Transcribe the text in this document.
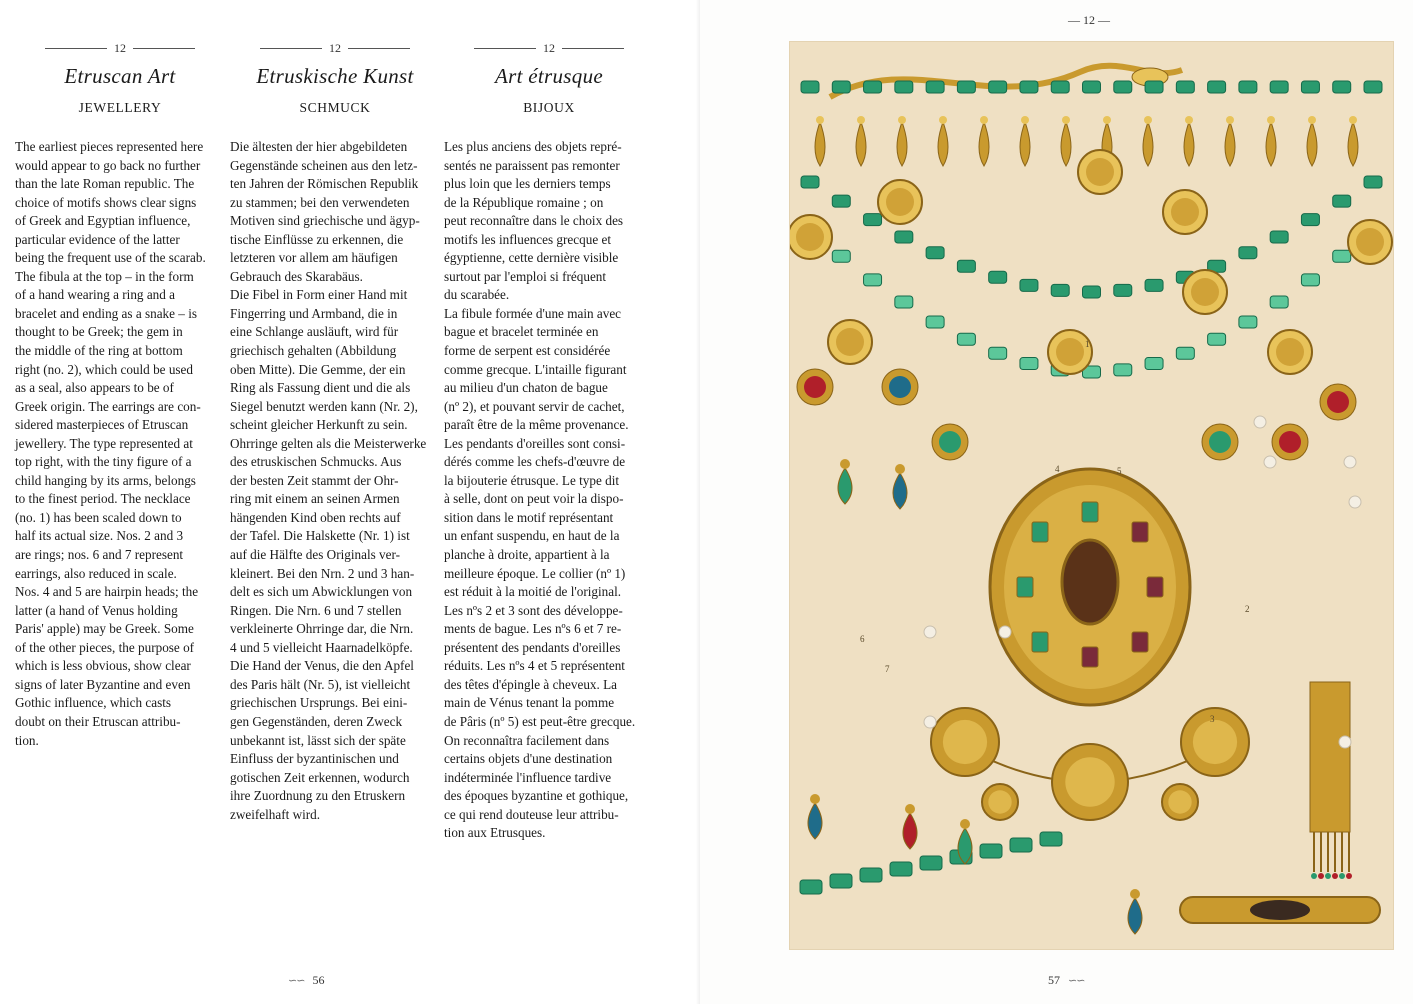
12
Etruscan Art
JEWELLERY
The earliest pieces represented here
would appear to go back no further
than the late Roman republic. The
choice of motifs shows clear signs
of Greek and Egyptian influence,
particular evidence of the latter
being the frequent use of the scarab.
The fibula at the top – in the form
of a hand wearing a ring and a
bracelet and ending as a snake – is
thought to be Greek; the gem in
the middle of the ring at bottom
right (no. 2), which could be used
as a seal, also appears to be of
Greek origin. The earrings are con-
sidered masterpieces of Etruscan
jewellery. The type represented at
top right, with the tiny figure of a
child hanging by its arms, belongs
to the finest period. The necklace
(no. 1) has been scaled down to
half its actual size. Nos. 2 and 3
are rings; nos. 6 and 7 represent
earrings, also reduced in scale.
Nos. 4 and 5 are hairpin heads; the
latter (a hand of Venus holding
Paris' apple) may be Greek. Some
of the other pieces, the purpose of
which is less obvious, show clear
signs of later Byzantine and even
Gothic influence, which casts
doubt on their Etruscan attribu-
tion.
12
Etruskische Kunst
SCHMUCK
Die ältesten der hier abgebildeten
Gegenstände scheinen aus den letz-
ten Jahren der Römischen Republik
zu stammen; bei den verwendeten
Motiven sind griechische und ägyp-
tische Einflüsse zu erkennen, die
letzteren vor allem am häufigen
Gebrauch des Skarabäus.
Die Fibel in Form einer Hand mit
Fingerring und Armband, die in
eine Schlange ausläuft, wird für
griechisch gehalten (Abbildung
oben Mitte). Die Gemme, der ein
Ring als Fassung dient und die als
Siegel benutzt werden kann (Nr. 2),
scheint gleicher Herkunft zu sein.
Ohrringe gelten als die Meisterwerke
des etruskischen Schmucks. Aus
der besten Zeit stammt der Ohr-
ring mit einem an seinen Armen
hängenden Kind oben rechts auf
der Tafel. Die Halskette (Nr. 1) ist
auf die Hälfte des Originals ver-
kleinert. Bei den Nrn. 2 und 3 han-
delt es sich um Abwicklungen von
Ringen. Die Nrn. 6 und 7 stellen
verkleinerte Ohrringe dar, die Nrn.
4 und 5 vielleicht Haarnadelköpfe.
Die Hand der Venus, die den Apfel
des Paris hält (Nr. 5), ist vielleicht
griechischen Ursprungs. Bei eini-
gen Gegenständen, deren Zweck
unbekannt ist, lässt sich der späte
Einfluss der byzantinischen und
gotischen Zeit erkennen, wodurch
ihre Zuordnung zu den Etruskern
zweifelhaft wird.
12
Art étrusque
BIJOUX
Les plus anciens des objets repré-
sentés ne paraissent pas remonter
plus loin que les derniers temps
de la République romaine ; on
peut reconnaître dans le choix des
motifs les influences grecque et
égyptienne, cette dernière visible
surtout par l'emploi si fréquent
du scarabée.
La fibule formée d'une main avec
bague et bracelet terminée en
forme de serpent est considérée
comme grecque. L'intaille figurant
au milieu d'un chaton de bague
(nº 2), et pouvant servir de cachet,
paraît être de la même provenance.
Les pendants d'oreilles sont consi-
dérés comme les chefs-d'œuvre de
la bijouterie étrusque. Le type dit
à selle, dont on peut voir la dispo-
sition dans le motif représentant
un enfant suspendu, en haut de la
planche à droite, appartient à la
meilleure époque. Le collier (nº 1)
est réduit à la moitié de l'original.
Les nºs 2 et 3 sont des développe-
ments de bague. Les nºs 6 et 7 re-
présentent des pendants d'oreilles
réduits. Les nºs 4 et 5 représentent
des têtes d'épingle à cheveux. La
main de Vénus tenant la pomme
de Pâris (nº 5) est peut-être grecque.
On reconnaîtra facilement dans
certains objets d'une destination
indéterminée l'influence tardive
des époques byzantine et gothique,
ce qui rend douteuse leur attribu-
tion aux Etrusques.
∽∽ 56
— 12 —
1
2
3
4	5
6
7
57 ∽∽
